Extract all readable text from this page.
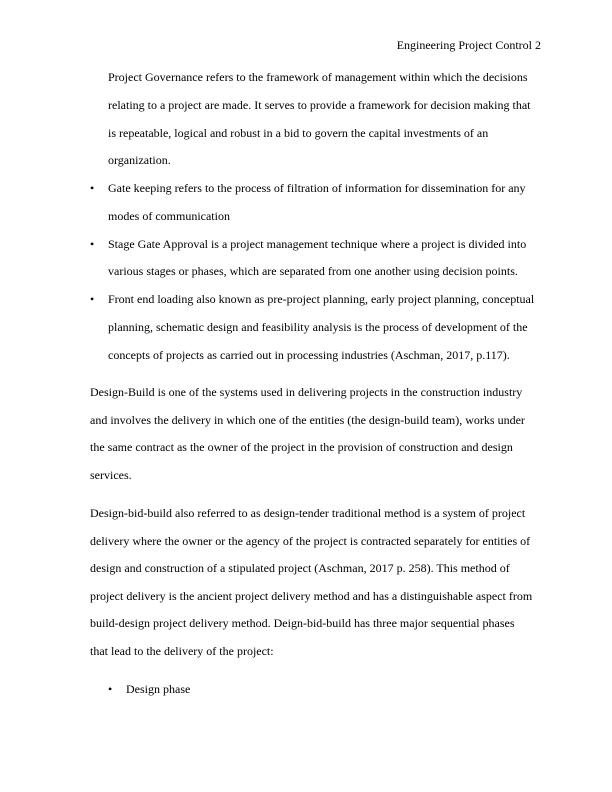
Engineering Project Control 2
Project Governance refers to the framework of management within which the decisions relating to a project are made. It serves to provide a framework for decision making that is repeatable, logical and robust in a bid to govern the capital investments of an organization.
•	Gate keeping refers to the process of filtration of information for dissemination for any modes of communication
•	Stage Gate Approval is a project management technique where a project is divided into various stages or phases, which are separated from one another using decision points.
•	Front end loading also known as pre-project planning, early project planning, conceptual planning, schematic design and feasibility analysis is the process of development of the concepts of projects as carried out in processing industries (Aschman, 2017, p.117).
Design-Build is one of the systems used in delivering projects in the construction industry and involves the delivery in which one of the entities (the design-build team), works under the same contract as the owner of the project in the provision of construction and design services.
Design-bid-build also referred to as design-tender traditional method is a system of project delivery where the owner or the agency of the project is contracted separately for entities of design and construction of a stipulated project (Aschman, 2017 p. 258). This method of project delivery is the ancient project delivery method and has a distinguishable aspect from build-design project delivery method. Deign-bid-build has three major sequential phases that lead to the delivery of the project:
•	Design phase
